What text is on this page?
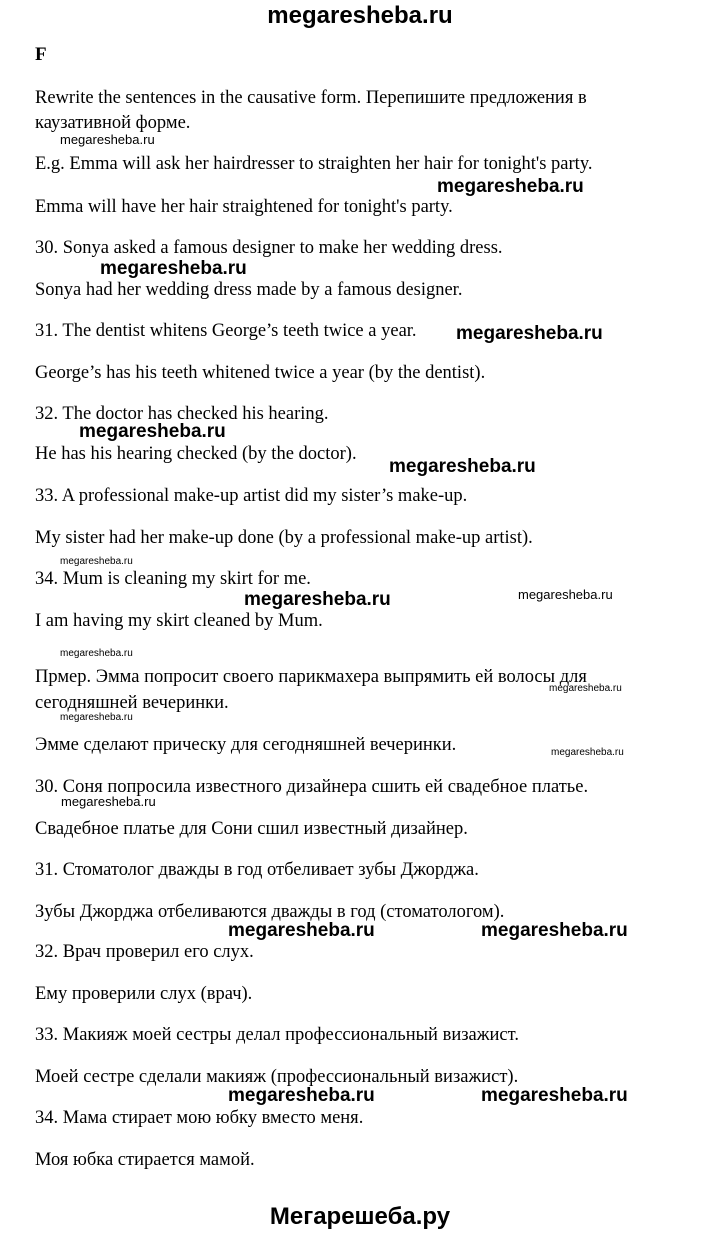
megaresheba.ru
F
Rewrite the sentences in the causative form. Перепишите предложения в
каузативной форме.
E.g. Emma will ask her hairdresser to straighten her hair for tonight's party.
Emma will have her hair straightened for tonight's party.
30. Sonya asked a famous designer to make her wedding dress.
Sonya had her wedding dress made by a famous designer.
31. The dentist whitens George’s teeth twice a year.
George’s has his teeth whitened twice a year (by the dentist).
32. The doctor has checked his hearing.
He has his hearing checked (by the doctor).
33. A professional make-up artist did my sister’s make-up.
My sister had her make-up done (by a professional make-up artist).
34. Mum is cleaning my skirt for me.
I am having my skirt cleaned by Mum.
Прмер. Эмма попросит своего парикмахера выпрямить ей волосы для
сегодняшней вечеринки.
Эмме сделают прическу для сегодняшней вечеринки.
30. Соня попросила известного дизайнера сшить ей свадебное платье.
Свадебное платье для Сони сшил известный дизайнер.
31. Стоматолог дважды в год отбеливает зубы Джорджа.
Зубы Джорджа отбеливаются дважды в год (стоматологом).
32. Врач проверил его слух.
Ему проверили слух (врач).
33. Макияж моей сестры делал профессиональный визажист.
Моей сестре сделали макияж (профессиональный визажист).
34. Мама стирает мою юбку вместо меня.
Моя юбка стирается мамой.
megaresheba.ru
megaresheba.ru
megaresheba.ru
megaresheba.ru
megaresheba.ru
megaresheba.ru
megaresheba.ru
megaresheba.ru	megaresheba.ru
megaresheba.ru
megaresheba.ru
megaresheba.ru
megaresheba.ru
megaresheba.ru
megaresheba.ru	megaresheba.ru
megaresheba.ru	megaresheba.ru
Мегарешеба.ру
